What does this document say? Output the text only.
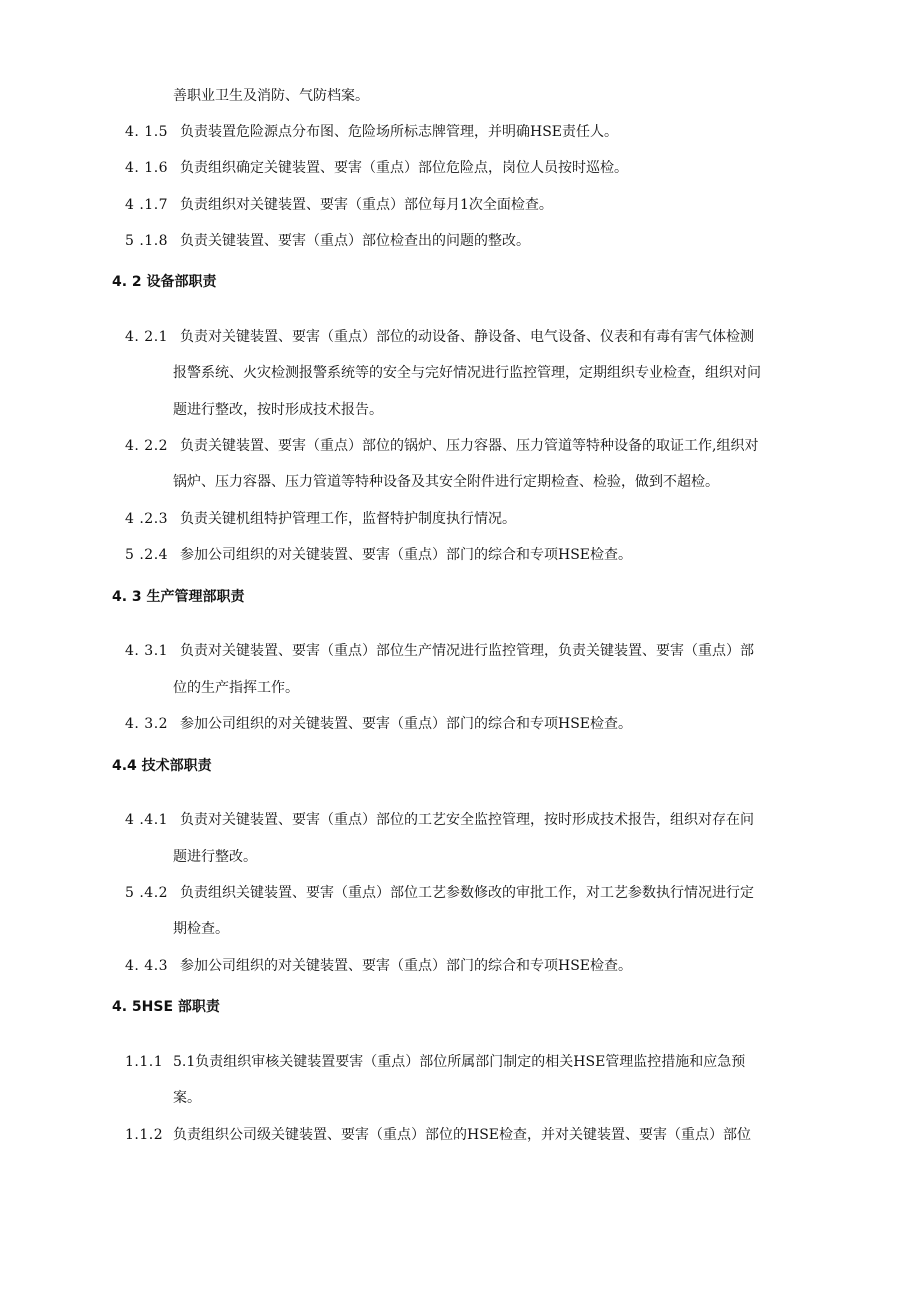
善职业卫生及消防、气防档案。
4. 1.5 负责装置危险源点分布图、危险场所标志牌管理，并明确HSE责任人。
4. 1.6 负责组织确定关键装置、要害（重点）部位危险点，岗位人员按时巡检。
4 .1.7 负责组织对关键装置、要害（重点）部位每月1次全面检查。
5 .1.8 负责关键装置、要害（重点）部位检查出的问题的整改。
4. 2 设备部职责
4. 2.1 负责对关键装置、要害（重点）部位的动设备、静设备、电气设备、仪表和有毒有害气体检测
报警系统、火灾检测报警系统等的安全与完好情况进行监控管理，定期组织专业检查，组织对问
题进行整改，按时形成技术报告。
4. 2.2 负责关键装置、要害（重点）部位的锅炉、压力容器、压力管道等特种设备的取证工作,组织对
锅炉、压力容器、压力管道等特种设备及其安全附件进行定期检查、检验，做到不超检。
4 .2.3 负责关键机组特护管理工作，监督特护制度执行情况。
5 .2.4 参加公司组织的对关键装置、要害（重点）部门的综合和专项HSE检查。
4. 3 生产管理部职责
4. 3.1 负责对关键装置、要害（重点）部位生产情况进行监控管理，负责关键装置、要害（重点）部
位的生产指挥工作。
4. 3.2 参加公司组织的对关键装置、要害（重点）部门的综合和专项HSE检查。
4.4 技术部职责
4 .4.1 负责对关键装置、要害（重点）部位的工艺安全监控管理，按时形成技术报告，组织对存在问
题进行整改。
5 .4.2 负责组织关键装置、要害（重点）部位工艺参数修改的审批工作，对工艺参数执行情况进行定
期检查。
4. 4.3 参加公司组织的对关键装置、要害（重点）部门的综合和专项HSE检查。
4. 5HSE 部职责
1.1.1 5.1负责组织审核关键装置要害（重点）部位所属部门制定的相关HSE管理监控措施和应急预
案。
1.1.2 负责组织公司级关键装置、要害（重点）部位的HSE检查，并对关键装置、要害（重点）部位
